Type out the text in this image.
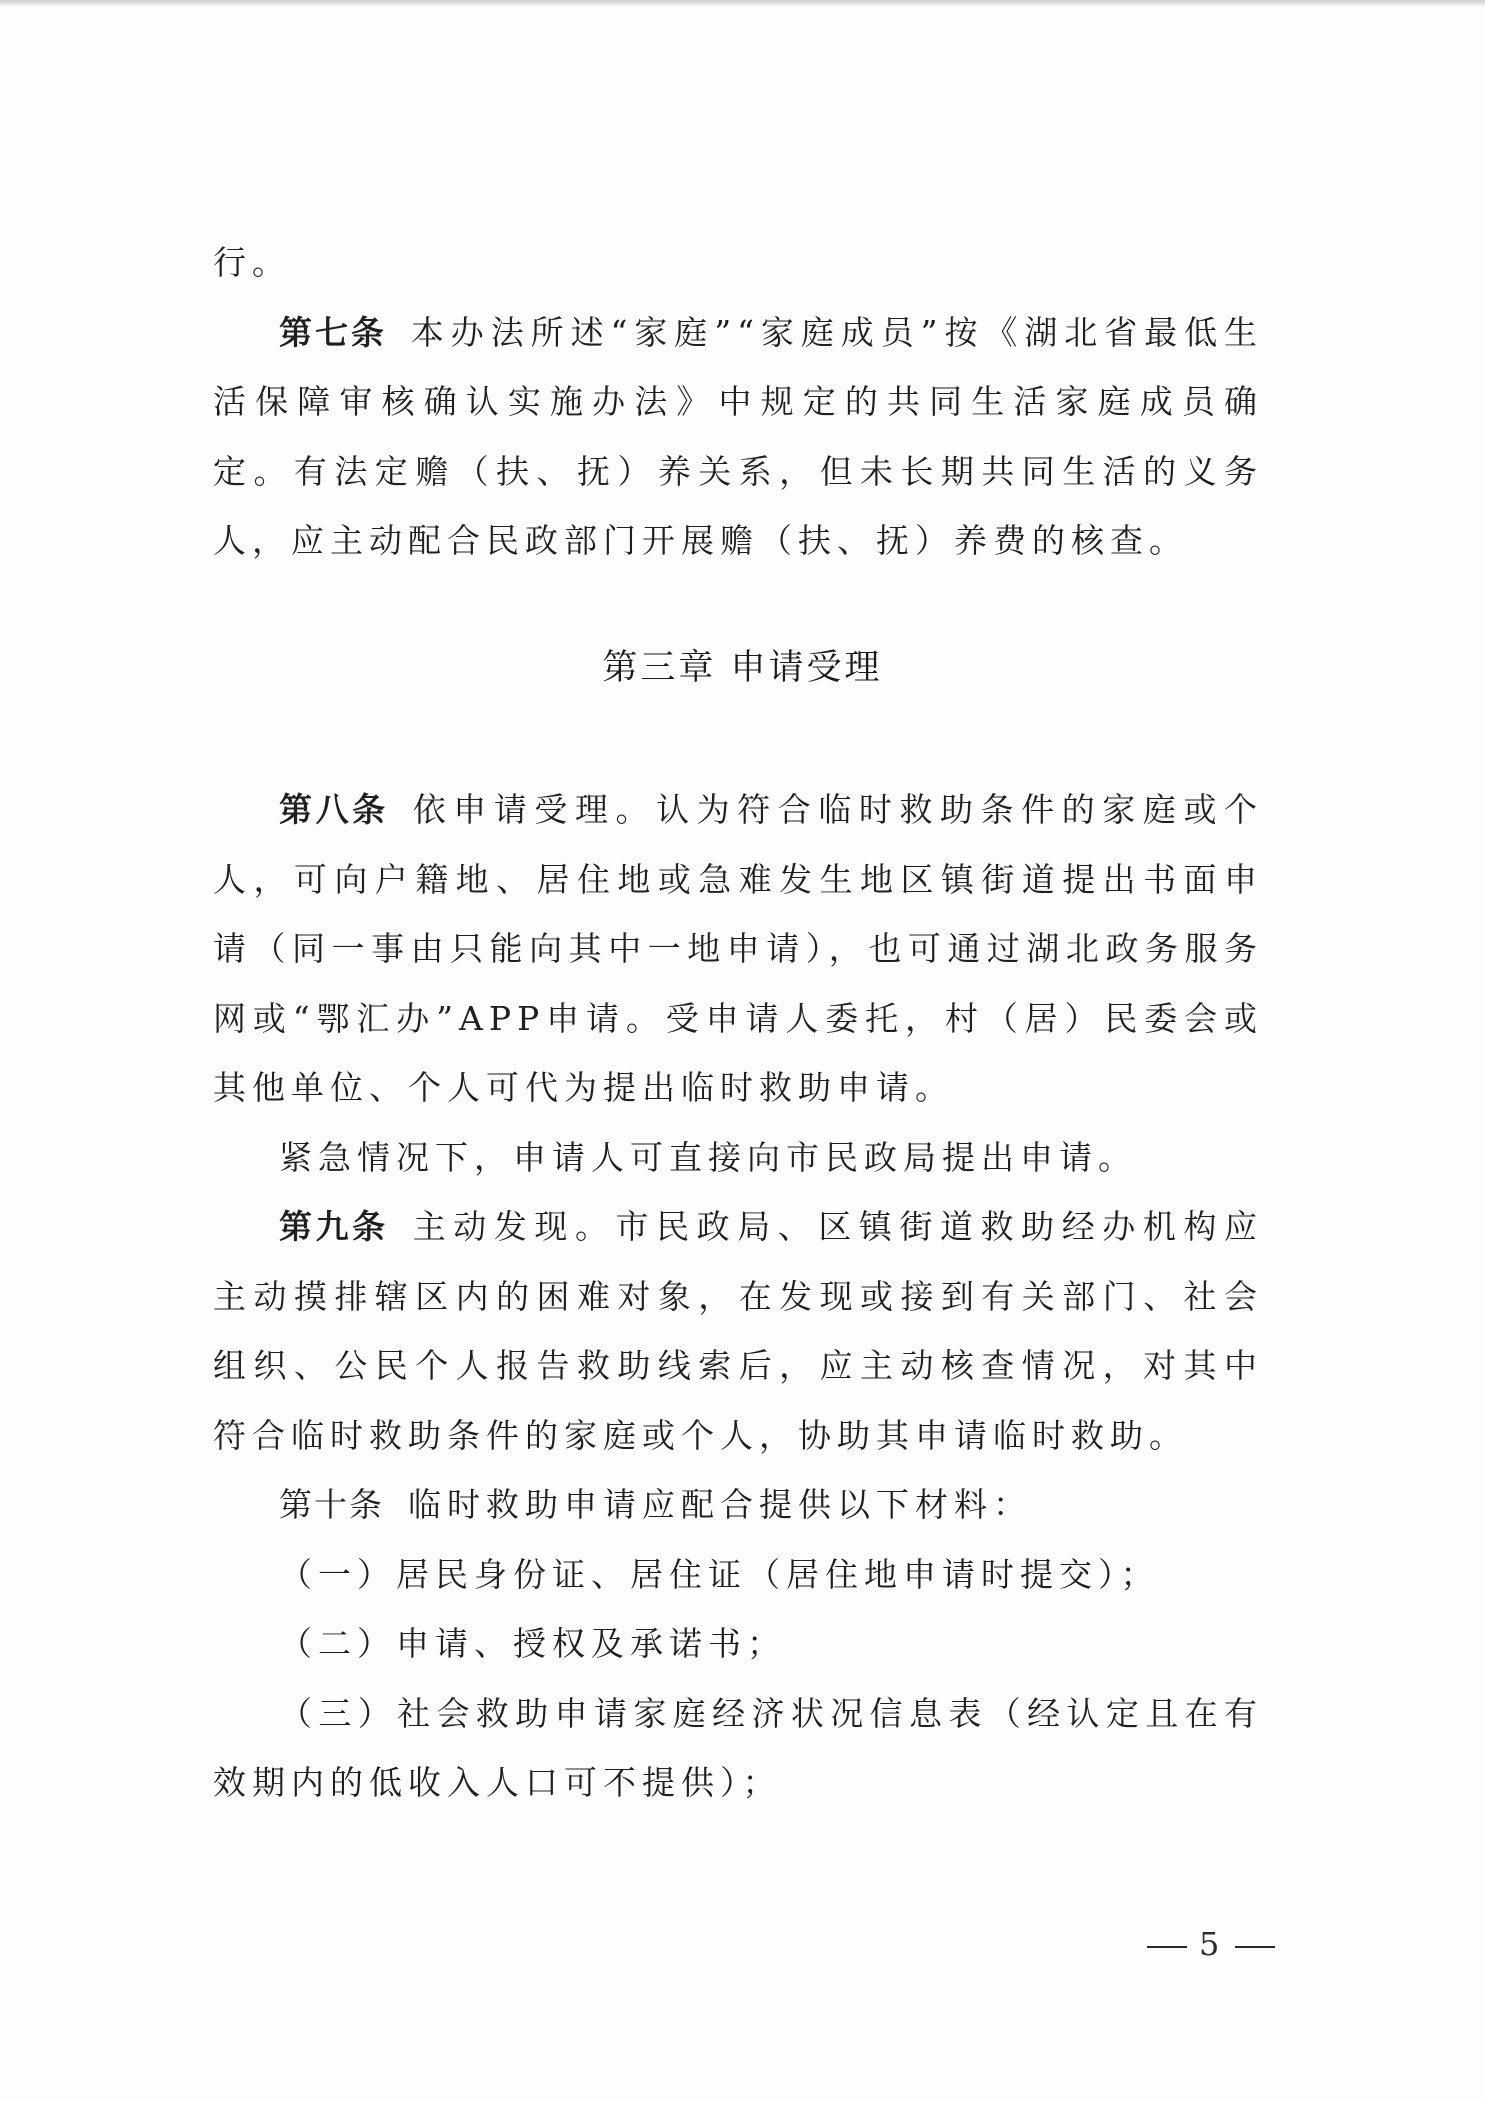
行。

第七条 本办法所述“家庭”“家庭成员”按《湖北省最低生活保障审核确认实施办法》中规定的共同生活家庭成员确定。有法定赡（扶、抚）养关系，但未长期共同生活的义务人，应主动配合民政部门开展赡（扶、抚）养费的核查。

第三章 申请受理

第八条 依申请受理。认为符合临时救助条件的家庭或个人，可向户籍地、居住地或急难发生地区镇街道提出书面申请（同一事由只能向其中一地申请），也可通过湖北政务服务网或“鄂汇办”APP申请。受申请人委托，村（居）民委会或其他单位、个人可代为提出临时救助申请。

紧急情况下，申请人可直接向市民政局提出申请。

第九条 主动发现。市民政局、区镇街道救助经办机构应主动摸排辖区内的困难对象，在发现或接到有关部门、社会组织、公民个人报告救助线索后，应主动核查情况，对其中符合临时救助条件的家庭或个人，协助其申请临时救助。

第十条 临时救助申请应配合提供以下材料：

（一）居民身份证、居住证（居住地申请时提交）；

（二）申请、授权及承诺书；

（三）社会救助申请家庭经济状况信息表（经认定且在有效期内的低收入人口可不提供）；

5
